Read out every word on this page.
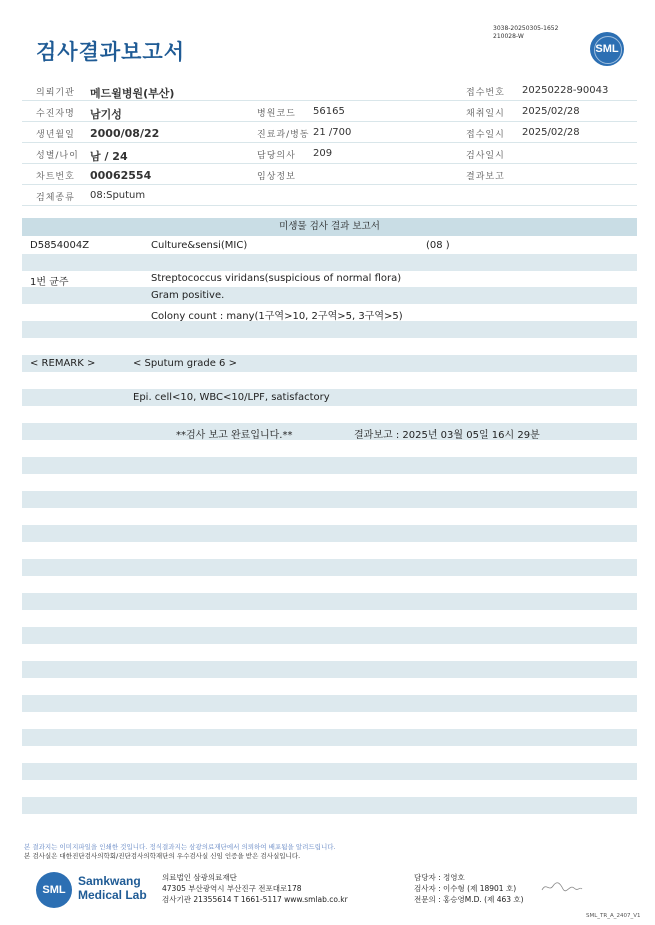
검사결과보고서
3038-20250305-1652
210028-W
SML
의뢰기관 메드윌병원(부산)	접수번호 20250228-90043
수진자명 남기성	병원코드 56165	채취일시 2025/02/28
생년월일 2000/08/22	진료과/병동 21 /700	접수일시 2025/02/28
성별/나이 남 / 24	담당의사 209	검사일시
차트번호 00062554	임상정보	결과보고
검체종류 08:Sputum
미생물 검사 결과 보고서
D5854004Z	Culture&sensi(MIC)	(08 )
1번 균주	Streptococcus viridans(suspicious of normal flora)
Gram positive.
Colony count : many(1구역>10, 2구역>5, 3구역>5)
< REMARK >	< Sputum grade 6 >
Epi. cell<10, WBC<10/LPF, satisfactory
**검사 보고 완료입니다.**	결과보고 : 2025년 03월 05일 16시 29분
본 결과지는 이미지파일을 인쇄한 것입니다. 정식결과지는 삼광의료재단에서 의뢰하여 배포됨을 알려드립니다.
본 검사실은 대한진단검사의학회/진단검사의학재단의 우수검사실 신임 인증을 받은 검사실입니다.
SML
Samkwang
Medical Lab
의료법인 삼광의료재단
47305 부산광역시 부산진구 전포대로178
검사기관 21355614 T 1661-5117 www.smlab.co.kr
담당자 : 정영호
검사자 : 이수형 (제 18901 호)
전문의 : 홍승영M.D. (제 463 호)
SML_TR_A_2407_V1
